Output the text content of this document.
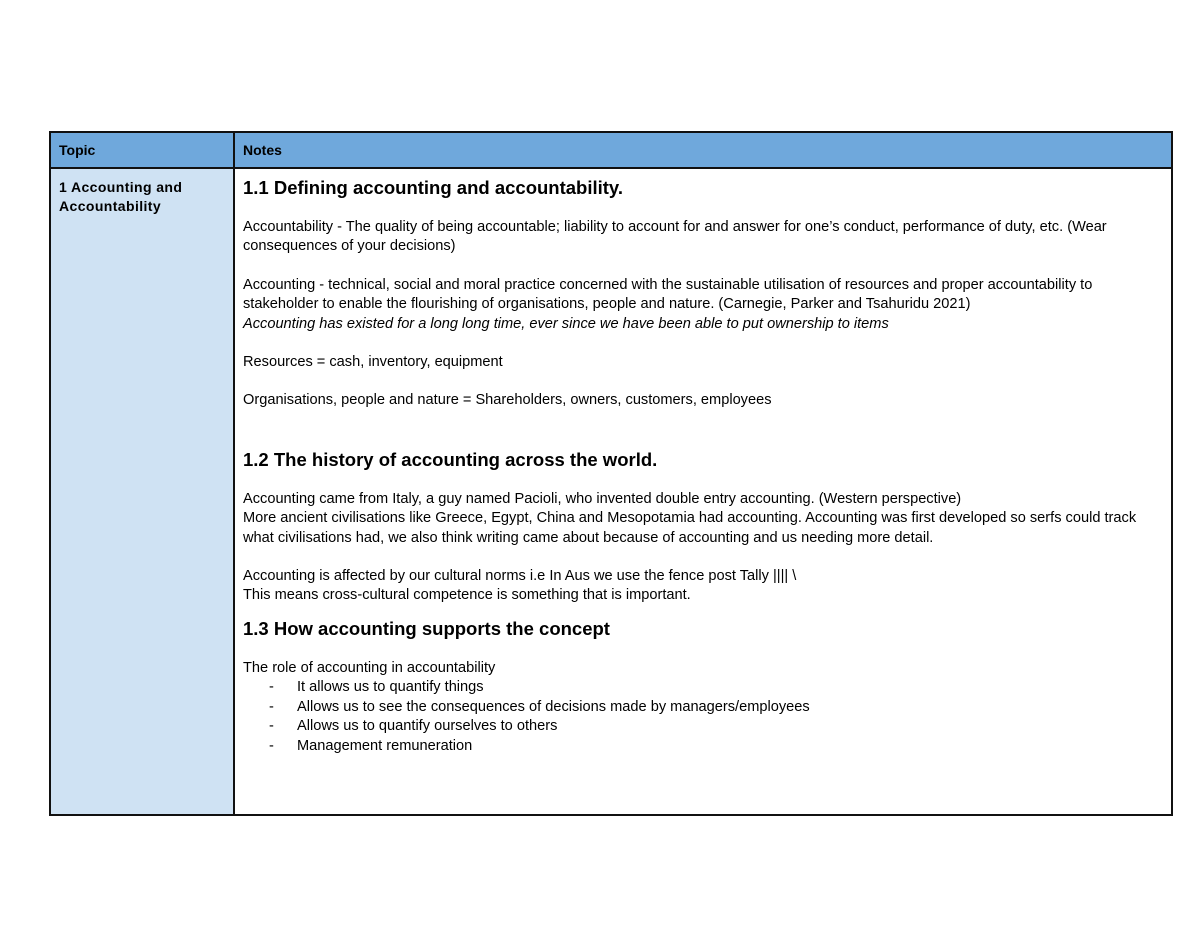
Topic	Notes
1 Accounting and Accountability

1.1 Defining accounting and accountability.

Accountability - The quality of being accountable; liability to account for and answer for one’s conduct, performance of duty, etc. (Wear consequences of your decisions)

Accounting - technical, social and moral practice concerned with the sustainable utilisation of resources and proper accountability to stakeholder to enable the flourishing of organisations, people and nature. (Carnegie, Parker and Tsahuridu 2021)

Accounting has existed for a long long time, ever since we have been able to put ownership to items

Resources = cash, inventory, equipment

Organisations, people and nature = Shareholders, owners, customers, employees

1.2 The history of accounting across the world.

Accounting came from Italy, a guy named Pacioli, who invented double entry accounting. (Western perspective)

More ancient civilisations like Greece, Egypt, China and Mesopotamia had accounting. Accounting was first developed so serfs could track what civilisations had, we also think writing came about because of accounting and us needing more detail.

Accounting is affected by our cultural norms i.e In Aus we use the fence post Tally |||| \

This means cross-cultural competence is something that is important.

1.3 How accounting supports the concept

The role of accounting in accountability

- It allows us to quantify things
- Allows us to see the consequences of decisions made by managers/employees
- Allows us to quantify ourselves to others
- Management remuneration
